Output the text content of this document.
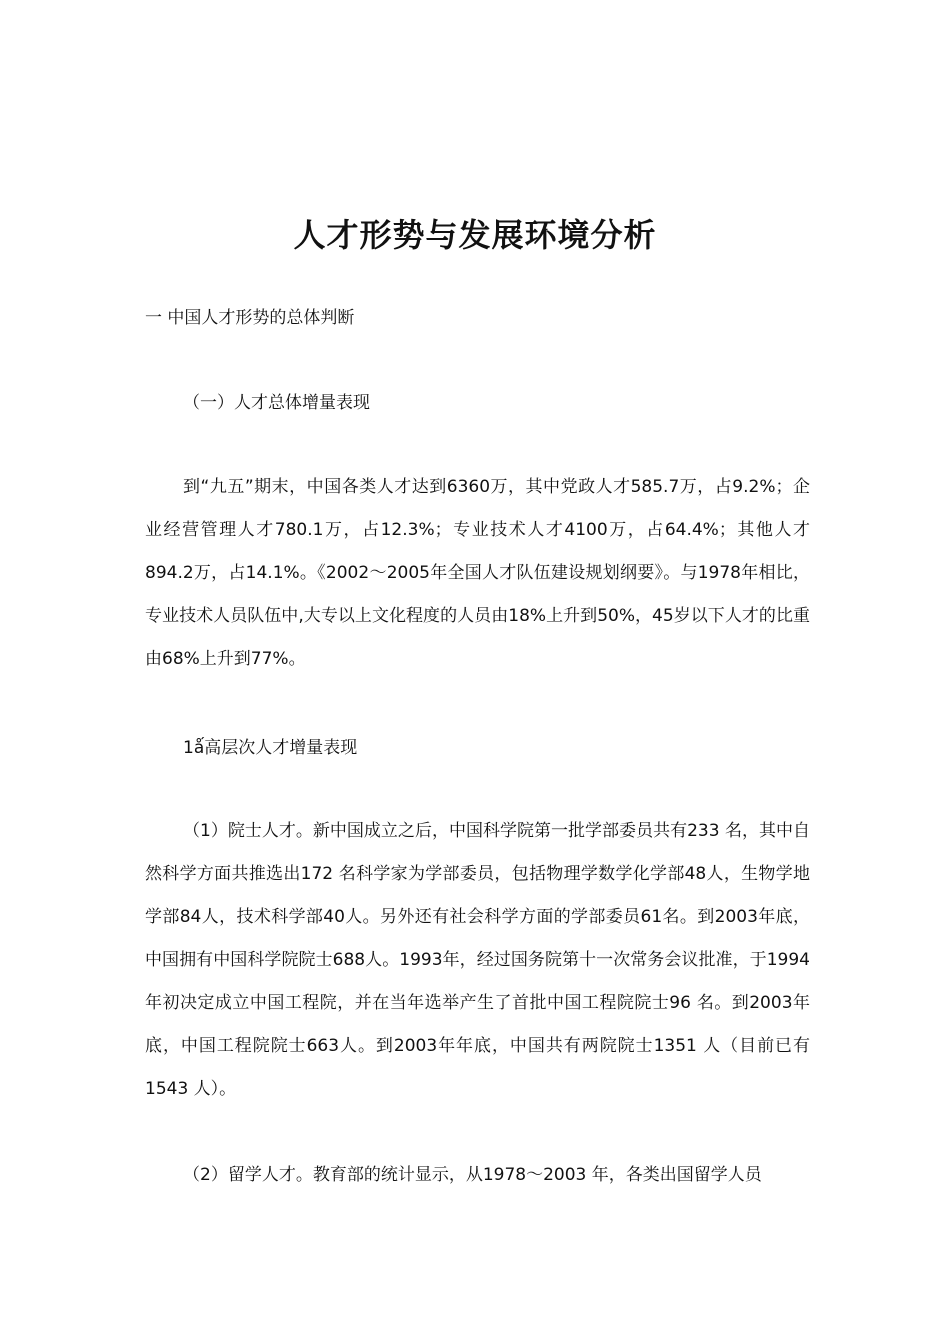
人才形势与发展环境分析

一 中国人才形势的总体判断

（一）人才总体增量表现

到“九五”期末，中国各类人才达到6360万，其中党政人才585.7万，占9.2%；企业经营管理人才780.1万，占12.3%；专业技术人才4100万，占64.4%；其他人才894.2万，占14.1%。《2002～2005年全国人才队伍建设规划纲要》。与1978年相比，专业技术人员队伍中,大专以上文化程度的人员由18%上升到50%，45岁以下人才的比重由68%上升到77%。

1ǻ高层次人才增量表现

（1）院士人才。新中国成立之后，中国科学院第一批学部委员共有233 名，其中自然科学方面共推选出172 名科学家为学部委员，包括物理学数学化学部48人，生物学地学部84人，技术科学部40人。另外还有社会科学方面的学部委员61名。到2003年底，中国拥有中国科学院院士688人。1993年，经过国务院第十一次常务会议批准，于1994 年初决定成立中国工程院，并在当年选举产生了首批中国工程院院士96 名。到2003年底，中国工程院院士663人。到2003年年底，中国共有两院院士1351 人（目前已有1543 人）。

（2）留学人才。教育部的统计显示，从1978～2003 年，各类出国留学人员
